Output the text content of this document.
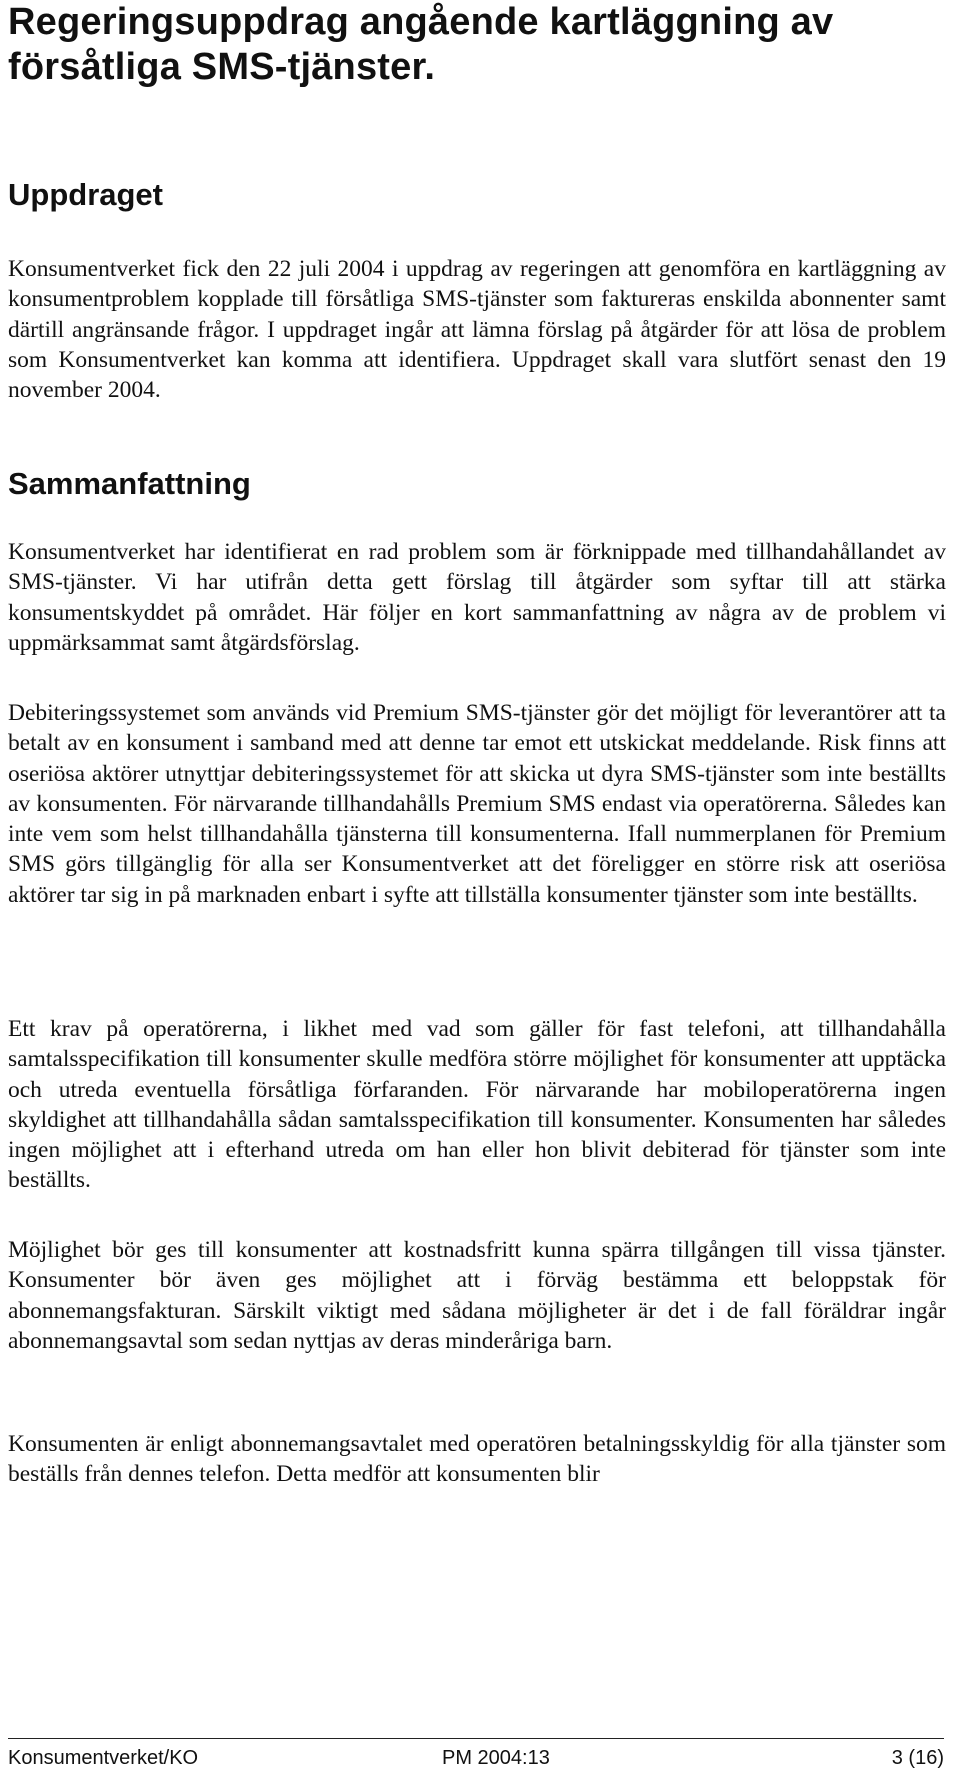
Regeringsuppdrag angående kartläggning av försåtliga SMS-tjänster.
Uppdraget

Konsumentverket fick den 22 juli 2004 i uppdrag av regeringen att genomföra en kartläggning av konsumentproblem kopplade till försåtliga SMS-tjänster som faktureras enskilda abonnenter samt därtill angränsande frågor. I uppdraget ingår att lämna förslag på åtgärder för att lösa de problem som Konsumentverket kan komma att identifiera. Uppdraget skall vara slutfört senast den 19 november 2004.

Sammanfattning

Konsumentverket har identifierat en rad problem som är förknippade med tillhandahållandet av SMS-tjänster. Vi har utifrån detta gett förslag till åtgärder som syftar till att stärka konsumentskyddet på området. Här följer en kort sammanfattning av några av de problem vi uppmärksammat samt åtgärdsförslag.

Debiteringssystemet som används vid Premium SMS-tjänster gör det möjligt för leverantörer att ta betalt av en konsument i samband med att denne tar emot ett utskickat meddelande. Risk finns att oseriösa aktörer utnyttjar debiteringssystemet för att skicka ut dyra SMS-tjänster som inte beställts av konsumenten. För närvarande tillhandahålls Premium SMS endast via operatörerna. Således kan inte vem som helst tillhandahålla tjänsterna till konsumenterna. Ifall nummerplanen för Premium SMS görs tillgänglig för alla ser Konsumentverket att det föreligger en större risk att oseriösa aktörer tar sig in på marknaden enbart i syfte att tillställa konsumenter tjänster som inte beställts.

Ett krav på operatörerna, i likhet med vad som gäller för fast telefoni, att tillhandahålla samtalsspecifikation till konsumenter skulle medföra större möjlighet för konsumenter att upptäcka och utreda eventuella försåtliga förfaranden. För närvarande har mobiloperatörerna ingen skyldighet att tillhandahålla sådan samtalsspecifikation till konsumenter. Konsumenten har således ingen möjlighet att i efterhand utreda om han eller hon blivit debiterad för tjänster som inte beställts.

Möjlighet bör ges till konsumenter att kostnadsfritt kunna spärra tillgången till vissa tjänster. Konsumenter bör även ges möjlighet att i förväg bestämma ett beloppstak för abonnemangsfakturan. Särskilt viktigt med sådana möjligheter är det i de fall föräldrar ingår abonnemangsavtal som sedan nyttjas av deras minderåriga barn.

Konsumenten är enligt abonnemangsavtalet med operatören betalningsskyldig för alla tjänster som beställs från dennes telefon. Detta medför att konsumenten blir

Konsumentverket/KO	PM 2004:13	3 (16)
